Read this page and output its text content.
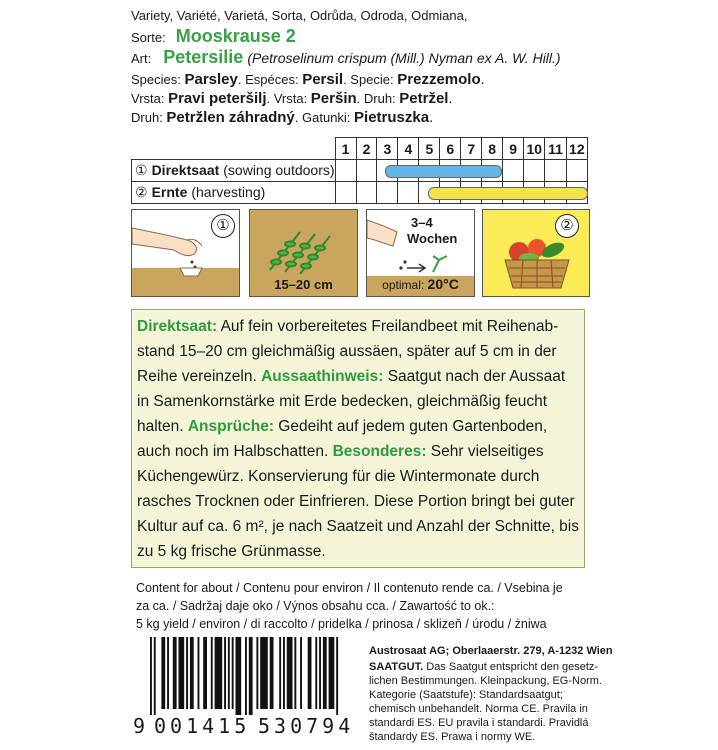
Variety, Variété, Varietá, Sorta, Odrůda, Odroda, Odmiana,
Sorte: Mooskrause 2
Art: Petersilie (Petroselinum crispum (Mill.) Nyman ex A. W. Hill.)
Species: Parsley. Espéces: Persil. Specie: Prezzemolo.
Vrsta: Pravi peteršilj. Vrsta: Peršin. Druh: Petržel.
Druh: Petržlen záhradný. Gatunki: Pietruszka.
	1	2	3	4	5	6	7	8	9	10	11	12
① Direktsaat (sowing outdoors)												
② Ernte (harvesting)												
①
15–20 cm
3–4
Wochen
optimal: 20°C
②
Direktsaat: Auf fein vorbereitetes Freilandbeet mit Reihenabstand 15–20 cm gleichmäßig aussäen, später auf 5 cm in der Reihe vereinzeln. Aussaathinweis: Saatgut nach der Aussaat in Samenkornstärke mit Erde bedecken, gleichmäßig feucht halten. Ansprüche: Gedeiht auf jedem guten Gartenboden, auch noch im Halbschatten. Besonderes: Sehr vielseitiges Küchengewürz. Konservierung für die Wintermonate durch rasches Trocknen oder Einfrieren. Diese Portion bringt bei guter Kultur auf ca. 6 m², je nach Saatzeit und Anzahl der Schnitte, bis zu 5 kg frische Grünmasse.
Content for about / Contenu pour environ / Il contenuto rende ca. / Vsebina je
za ca. / Sadržaj daje oko / Výnos obsahu cca. / Zawartość to ok.:
5 kg yield / environ / di raccolto / pridelka / prinosa / sklizeň / úrodu / żniwa
9 001415 530794
Austrosaat AG; Oberlaaerstr. 279, A-1232 Wien
SAATGUT. Das Saatgut entspricht den gesetz-
lichen Bestimmungen. Kleinpackung, EG-Norm.
Kategorie (Saatstufe): Standardsaatgut;
chemisch unbehandelt. Norma CE. Pravila in
standardi ES. EU pravila i standardi. Pravidlá
štandardy ES. Prawa i normy WE.
